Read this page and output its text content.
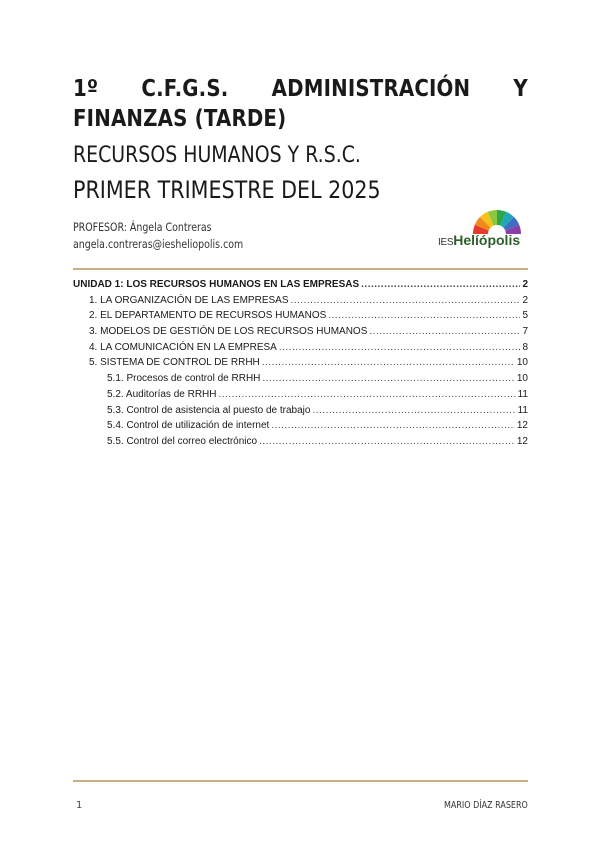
1º C.F.G.S. ADMINISTRACIÓN Y FINANZAS (TARDE)
RECURSOS HUMANOS Y R.S.C.
PRIMER TRIMESTRE DEL 2025
PROFESOR: Ángela Contreras
angela.contreras@iesheliopolis.com	IESHelíópolis
UNIDAD 1: LOS RECURSOS HUMANOS EN LAS EMPRESAS .....	2
1. LA ORGANIZACIÓN DE LAS EMPRESAS .....	2
2. EL DEPARTAMENTO DE RECURSOS HUMANOS .....	5
3. MODELOS DE GESTIÓN DE LOS RECURSOS HUMANOS .....	7
4. LA COMUNICACIÓN EN LA EMPRESA .....	8
5. SISTEMA DE CONTROL DE RRHH .....	10
5.1. Procesos de control de RRHH .....	10
5.2. Auditorías de RRHH .....	11
5.3. Control de asistencia al puesto de trabajo .....	11
5.4. Control de utilización de internet .....	12
5.5. Control del correo electrónico .....	12
1	MARIO DÍAZ RASERO
